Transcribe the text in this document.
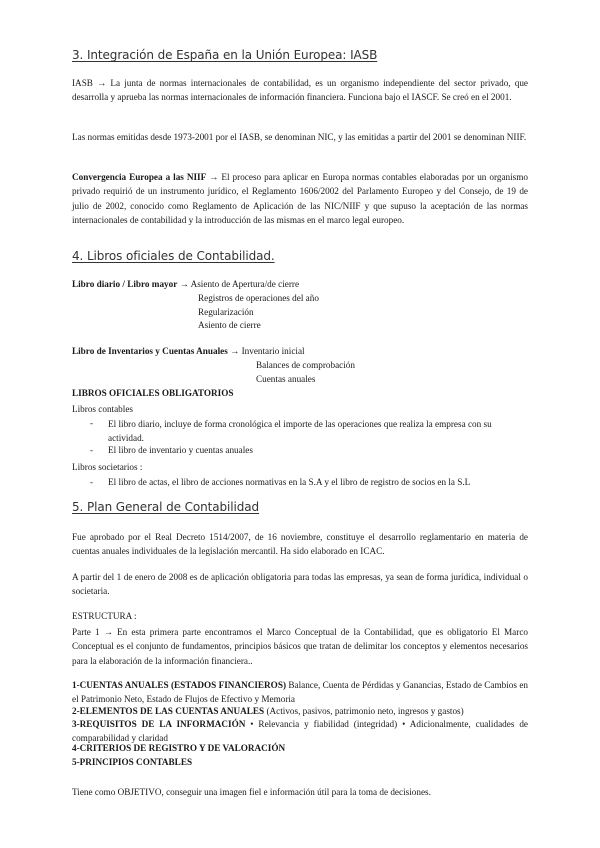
3. Integración de España en la Unión Europea: IASB

IASB → La junta de normas internacionales de contabilidad, es un organismo independiente del sector privado, que desarrolla y aprueba las normas internacionales de información financiera. Funciona bajo el IASCF. Se creó en el 2001.

Las normas emitidas desde 1973-2001 por el IASB, se denominan NIC, y las emitidas a partir del 2001 se denominan NIIF.

Convergencia Europea a las NIIF → El proceso para aplicar en Europa normas contables elaboradas por un organismo privado requirió de un instrumento jurídico, el Reglamento 1606/2002 del Parlamento Europeo y del Consejo, de 19 de julio de 2002, conocido como Reglamento de Aplicación de las NIC/NIIF y que supuso la aceptación de las normas internacionales de contabilidad y la introducción de las mismas en el marco legal europeo.

4. Libros oficiales de Contabilidad.
Libro diario / Libro mayor → Asiento de Apertura/de cierre
Registros de operaciones del año
Regularización
Asiento de cierre
Libro de Inventarios y Cuentas Anuales → Inventario inicial
Balances de comprobación
Cuentas anuales
LIBROS OFICIALES OBLIGATORIOS
Libros contables
- El libro diario, incluye de forma cronológica el importe de las operaciones que realiza la empresa con su actividad.

- El libro de inventario y cuentas anuales
Libros societarios :
- El libro de actas, el libro de acciones normativas en la S.A y el libro de registro de socios en la S.L
5. Plan General de Contabilidad

Fue aprobado por el Real Decreto 1514/2007, de 16 noviembre, constituye el desarrollo reglamentario en materia de cuentas anuales individuales de la legislación mercantil. Ha sido elaborado en ICAC.

A partir del 1 de enero de 2008 es de aplicación obligatoria para todas las empresas, ya sean de forma jurídica, individual o societaria.

ESTRUCTURA :

Parte 1 → En esta primera parte encontramos el Marco Conceptual de la Contabilidad, que es obligatorio El Marco Conceptual es el conjunto de fundamentos, principios básicos que tratan de delimitar los conceptos y elementos necesarios para la elaboración de la información financiera..

1-CUENTAS ANUALES (ESTADOS FINANCIEROS) Balance, Cuenta de Pérdidas y Ganancias, Estado de Cambios en el Patrimonio Neto, Estado de Flujos de Efectivo y Memoria

2-ELEMENTOS DE LAS CUENTAS ANUALES (Activos, pasivos, patrimonio neto, ingresos y gastos)

3-REQUISITOS DE LA INFORMACIÓN • Relevancia y fiabilidad (integridad) • Adicionalmente, cualidades de comparabilidad y claridad

4-CRITERIOS DE REGISTRO Y DE VALORACIÓN
5-PRINCIPIOS CONTABLES
Tiene como OBJETIVO, conseguir una imagen fiel e información útil para la toma de decisiones.
